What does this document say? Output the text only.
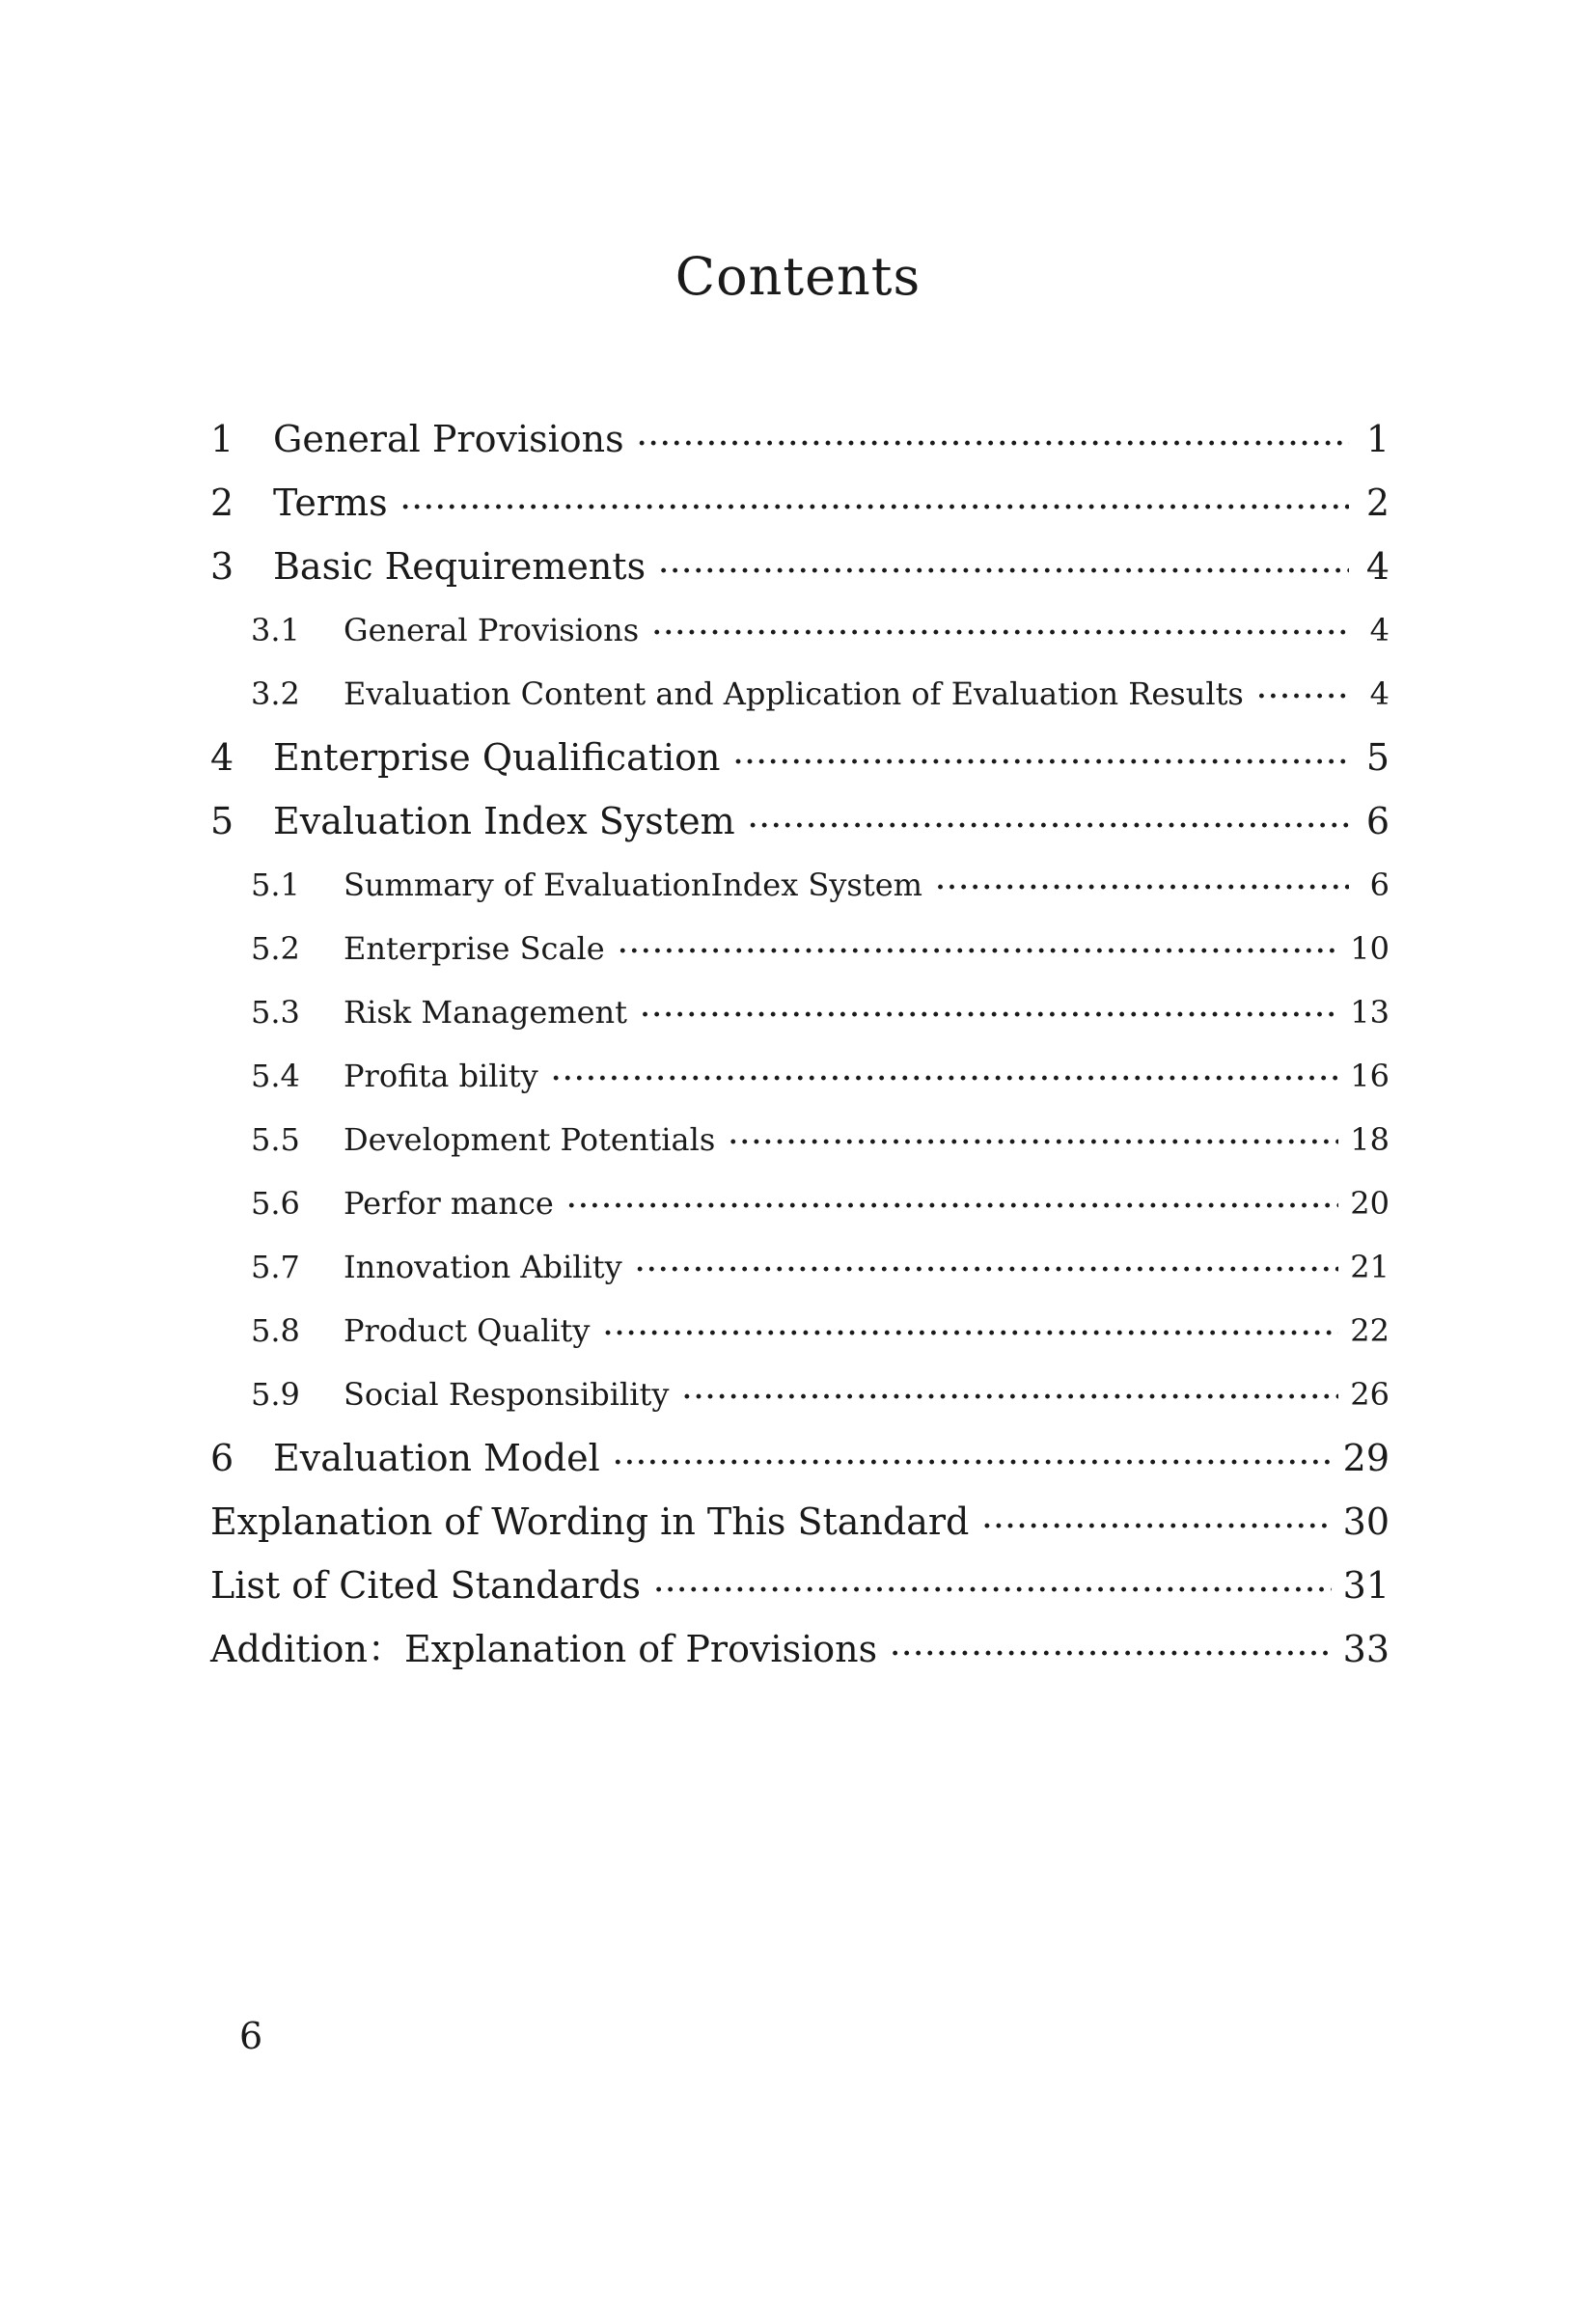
Contents
1	General Provisions ·····	1
2	Terms ·····	2
3	Basic Requirements ·····	4
3.1	General Provisions ·····	4
3.2	Evaluation Content and Application of Evaluation Results ·····	4
4	Enterprise Qualification ·····	5
5	Evaluation Index System ·····	6
5.1	Summary of EvaluationIndex System ·····	6
5.2	Enterprise Scale ·····	10
5.3	Risk Management ·····	13
5.4	Profita bility ·····	16
5.5	Development Potentials ·····	18
5.6	Perfor mance ·····	20
5.7	Innovation Ability ·····	21
5.8	Product Quality ·····	22
5.9	Social Responsibility ·····	26
6	Evaluation Model ·····	29
Explanation of Wording in This Standard ·····	30
List of Cited Standards ·····	31
Addition：Explanation of Provisions ·····	33
6
